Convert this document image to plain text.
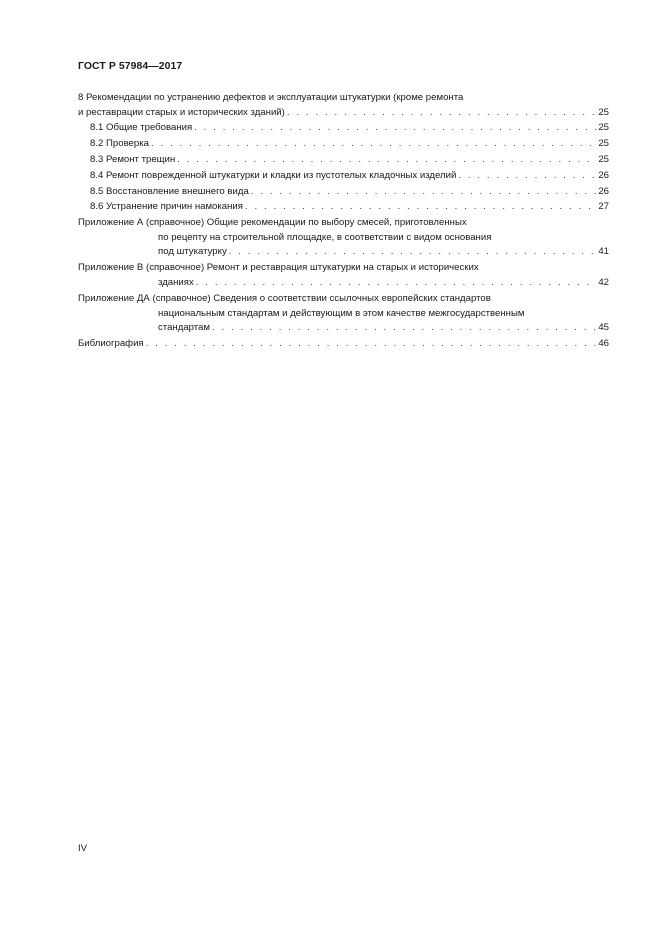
ГОСТ Р 57984—2017
8 Рекомендации по устранению дефектов и эксплуатации штукатурки (кроме ремонта
и реставрации старых и исторических зданий) . . .	25
8.1 Общие требования . . .	25
8.2 Проверка . . .	25
8.3 Ремонт трещин . . .	25
8.4 Ремонт поврежденной штукатурки и кладки из пустотелых кладочных изделий . . .	26
8.5 Восстановление внешнего вида . . .	26
8.6 Устранение причин намокания . . .	27
Приложение А (справочное) Общие рекомендации по выбору смесей, приготовленных
по рецепту на строительной площадке, в соответствии с видом основания
под штукатурку . . .	41
Приложение В (справочное) Ремонт и реставрация штукатурки на старых и исторических
зданиях . . .	42
Приложение ДА (справочное) Сведения о соответствии ссылочных европейских стандартов
национальным стандартам и действующим в этом качестве межгосударственным
стандартам . . .	45
Библиография . . .	46
IV
